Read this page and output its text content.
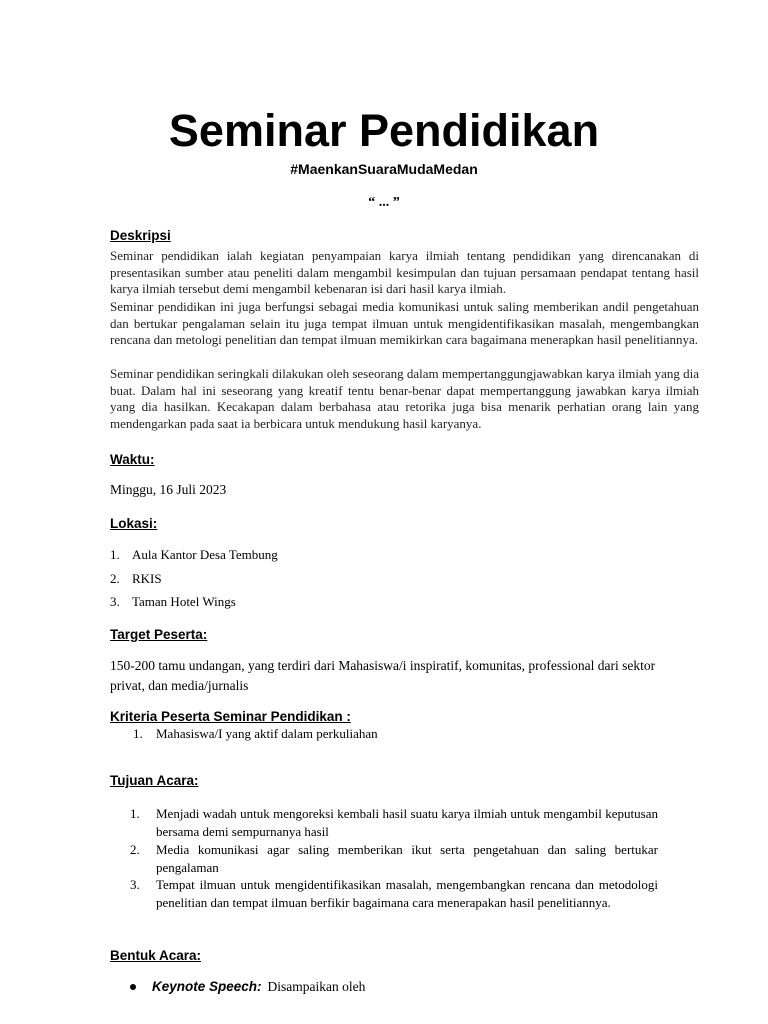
Seminar Pendidikan
#MaenkanSuaraMudaMedan
“ ... ”
Deskripsi
Seminar pendidikan ialah kegiatan penyampaian karya ilmiah tentang pendidikan yang direncanakan di presentasikan sumber atau peneliti dalam mengambil kesimpulan dan tujuan persamaan pendapat tentang hasil karya ilmiah tersebut demi mengambil kebenaran isi dari hasil karya ilmiah.
Seminar pendidikan ini juga berfungsi sebagai media komunikasi untuk saling memberikan andil pengetahuan dan bertukar pengalaman selain itu juga tempat ilmuan untuk mengidentifikasikan masalah, mengembangkan rencana dan metologi penelitian dan tempat ilmuan memikirkan cara bagaimana menerapkan hasil penelitiannya.
Seminar pendidikan seringkali dilakukan oleh seseorang dalam mempertanggungjawabkan karya ilmiah yang dia buat. Dalam hal ini seseorang yang kreatif tentu benar-benar dapat mempertanggung jawabkan karya ilmiah yang dia hasilkan. Kecakapan dalam berbahasa atau retorika juga bisa menarik perhatian orang lain yang mendengarkan pada saat ia berbicara untuk mendukung hasil karyanya.
Waktu:
Minggu, 16 Juli 2023
Lokasi:
1. Aula Kantor Desa Tembung
2. RKIS
3. Taman Hotel Wings
Target Peserta:
150-200 tamu undangan, yang terdiri dari Mahasiswa/i inspiratif, komunitas, professional dari sektor
privat, dan media/jurnalis
Kriteria Peserta Seminar Pendidikan :
1. Mahasiswa/I yang aktif dalam perkuliahan
Tujuan Acara:
1. Menjadi wadah untuk mengoreksi kembali hasil suatu karya ilmiah untuk mengambil keputusan bersama demi sempurnanya hasil
2. Media komunikasi agar saling memberikan ikut serta pengetahuan dan saling bertukar pengalaman
3. Tempat ilmuan untuk mengidentifikasikan masalah, mengembangkan rencana dan metodologi penelitian dan tempat ilmuan berfikir bagaimana cara menerapakan hasil penelitiannya.
Bentuk Acara:
Keynote Speech: Disampaikan oleh
